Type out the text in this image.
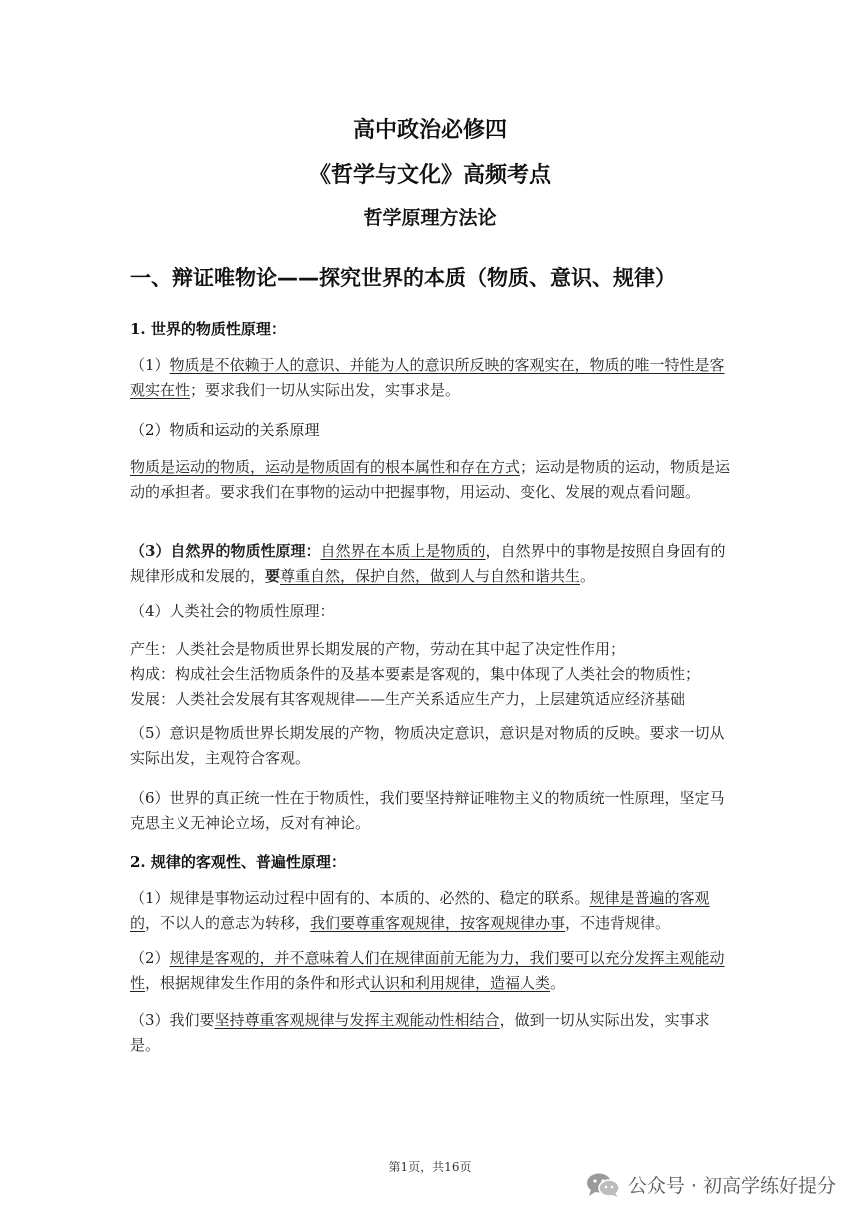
高中政治必修四
《哲学与文化》高频考点
哲学原理方法论
一、辩证唯物论——探究世界的本质（物质、意识、规律）
1. 世界的物质性原理：
（1）物质是不依赖于人的意识、并能为人的意识所反映的客观实在，物质的唯一特性是客观实在性；要求我们一切从实际出发，实事求是。
（2）物质和运动的关系原理
物质是运动的物质，运动是物质固有的根本属性和存在方式；运动是物质的运动，物质是运动的承担者。要求我们在事物的运动中把握事物，用运动、变化、发展的观点看问题。
（3）自然界的物质性原理：自然界在本质上是物质的，自然界中的事物是按照自身固有的规律形成和发展的，要尊重自然，保护自然，做到人与自然和谐共生。
（4）人类社会的物质性原理：

产生：人类社会是物质世界长期发展的产物，劳动在其中起了决定性作用；

构成：构成社会生活物质条件的及基本要素是客观的，集中体现了人类社会的物质性；

发展：人类社会发展有其客观规律——生产关系适应生产力，上层建筑适应经济基础

（5）意识是物质世界长期发展的产物，物质决定意识，意识是对物质的反映。要求一切从实际出发，主观符合客观。
（6）世界的真正统一性在于物质性，我们要坚持辩证唯物主义的物质统一性原理，坚定马克思主义无神论立场，反对有神论。
2. 规律的客观性、普遍性原理：
（1）规律是事物运动过程中固有的、本质的、必然的、稳定的联系。规律是普遍的客观的，不以人的意志为转移，我们要尊重客观规律，按客观规律办事，不违背规律。
（2）规律是客观的，并不意味着人们在规律面前无能为力，我们要可以充分发挥主观能动性，根据规律发生作用的条件和形式认识和利用规律，造福人类。
（3）我们要坚持尊重客观规律与发挥主观能动性相结合，做到一切从实际出发，实事求是。
第1页，共16页
公众号 · 初高学练好提分
